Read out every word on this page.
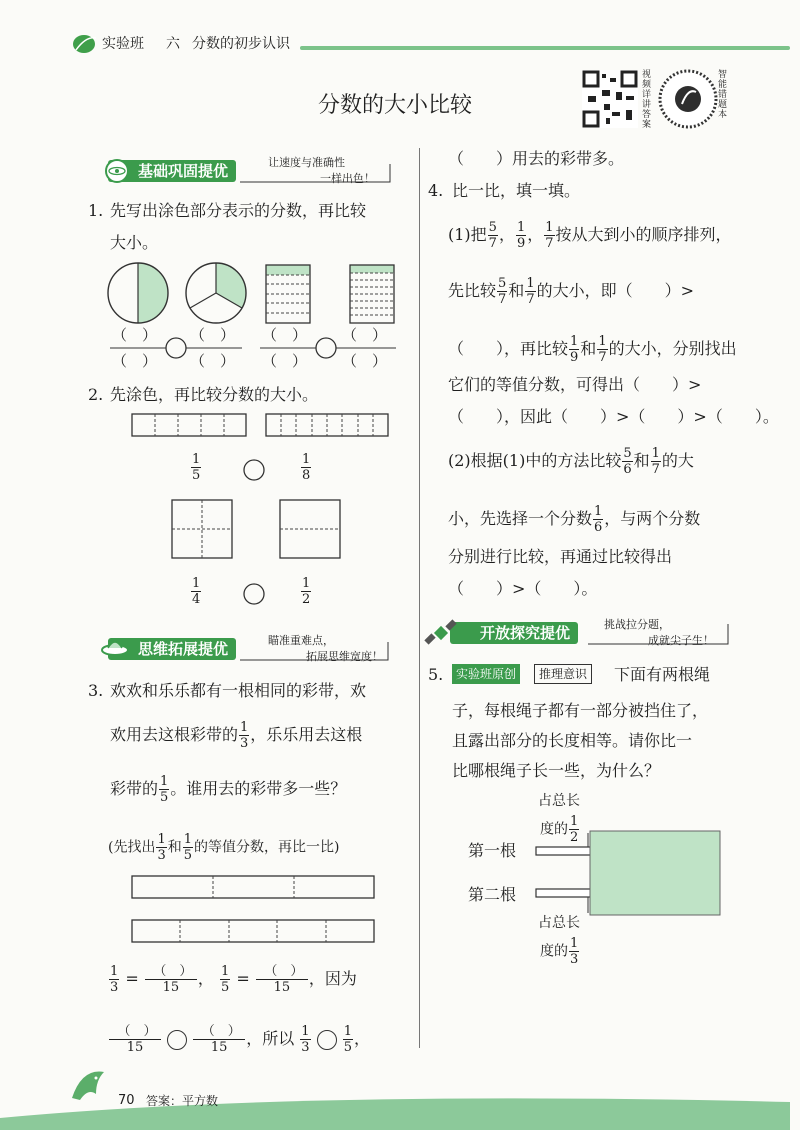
实验班 六 分数的初步认识
分数的大小比较
视频详讲答案
智能错题本
基础巩固提优	让速度与准确性
一样出色！
1. 先写出涂色部分表示的分数，再比较
大小。
（　）
（　）
（　）
（　）
（　）
（　）
（　）
（　）
2. 先涂色，再比较分数的大小。
$\frac{1}{5}$	$\frac{1}{8}$
$\frac{1}{4}$	$\frac{1}{2}$
思维拓展提优	瞄准重难点，
拓展思维宽度！
3. 欢欢和乐乐都有一根相同的彩带，欢
欢用去这根彩带的 $\frac{1}{3}$ ，乐乐用去这根
彩带的 $\frac{1}{5}$ 。谁用去的彩带多一些？
(先找出 $\frac{1}{3}$ 和 $\frac{1}{5}$ 的等值分数，再比一比)
$\frac{1}{3}$ = （　）
15	， $\frac{1}{5}$ = （　）
15	，因为
（　）
15

（　）
15	，所以 $\frac{1}{3}$
$\frac{1}{5}$ ，
（　　）用去的彩带多。
4. 比一比，填一填。
(1)把 $\frac{5}{7}$ ， $\frac{1}{9}$ ， $\frac{1}{7}$ 按从大到小的顺序排列，
先比较 $\frac{5}{7}$ 和 $\frac{1}{7}$ 的大小，即（　　）>
（　　），再比较 $\frac{1}{9}$ 和 $\frac{1}{7}$ 的大小，分别找出
它们的等值分数，可得出（　　）>
（　　），因此（　　）>（　　）>（　　）。
(2)根据(1)中的方法比较 $\frac{5}{6}$ 和 $\frac{1}{7}$ 的大
小，先选择一个分数 $\frac{1}{6}$ ，与两个分数
分别进行比较，再通过比较得出
（　　）>（　　）。
开放探究提优	挑战拉分题，
成就尖子生！
5.	实验班原创	推理意识	下面有两根绳
子，每根绳子都有一部分被挡住了，
且露出部分的长度相等。请你比一
比哪根绳子长一些，为什么？
占总长
度的 $\frac{1}{2}$
第一根
第二根
占总长
度的 $\frac{1}{3}$
70 答案：平方数
